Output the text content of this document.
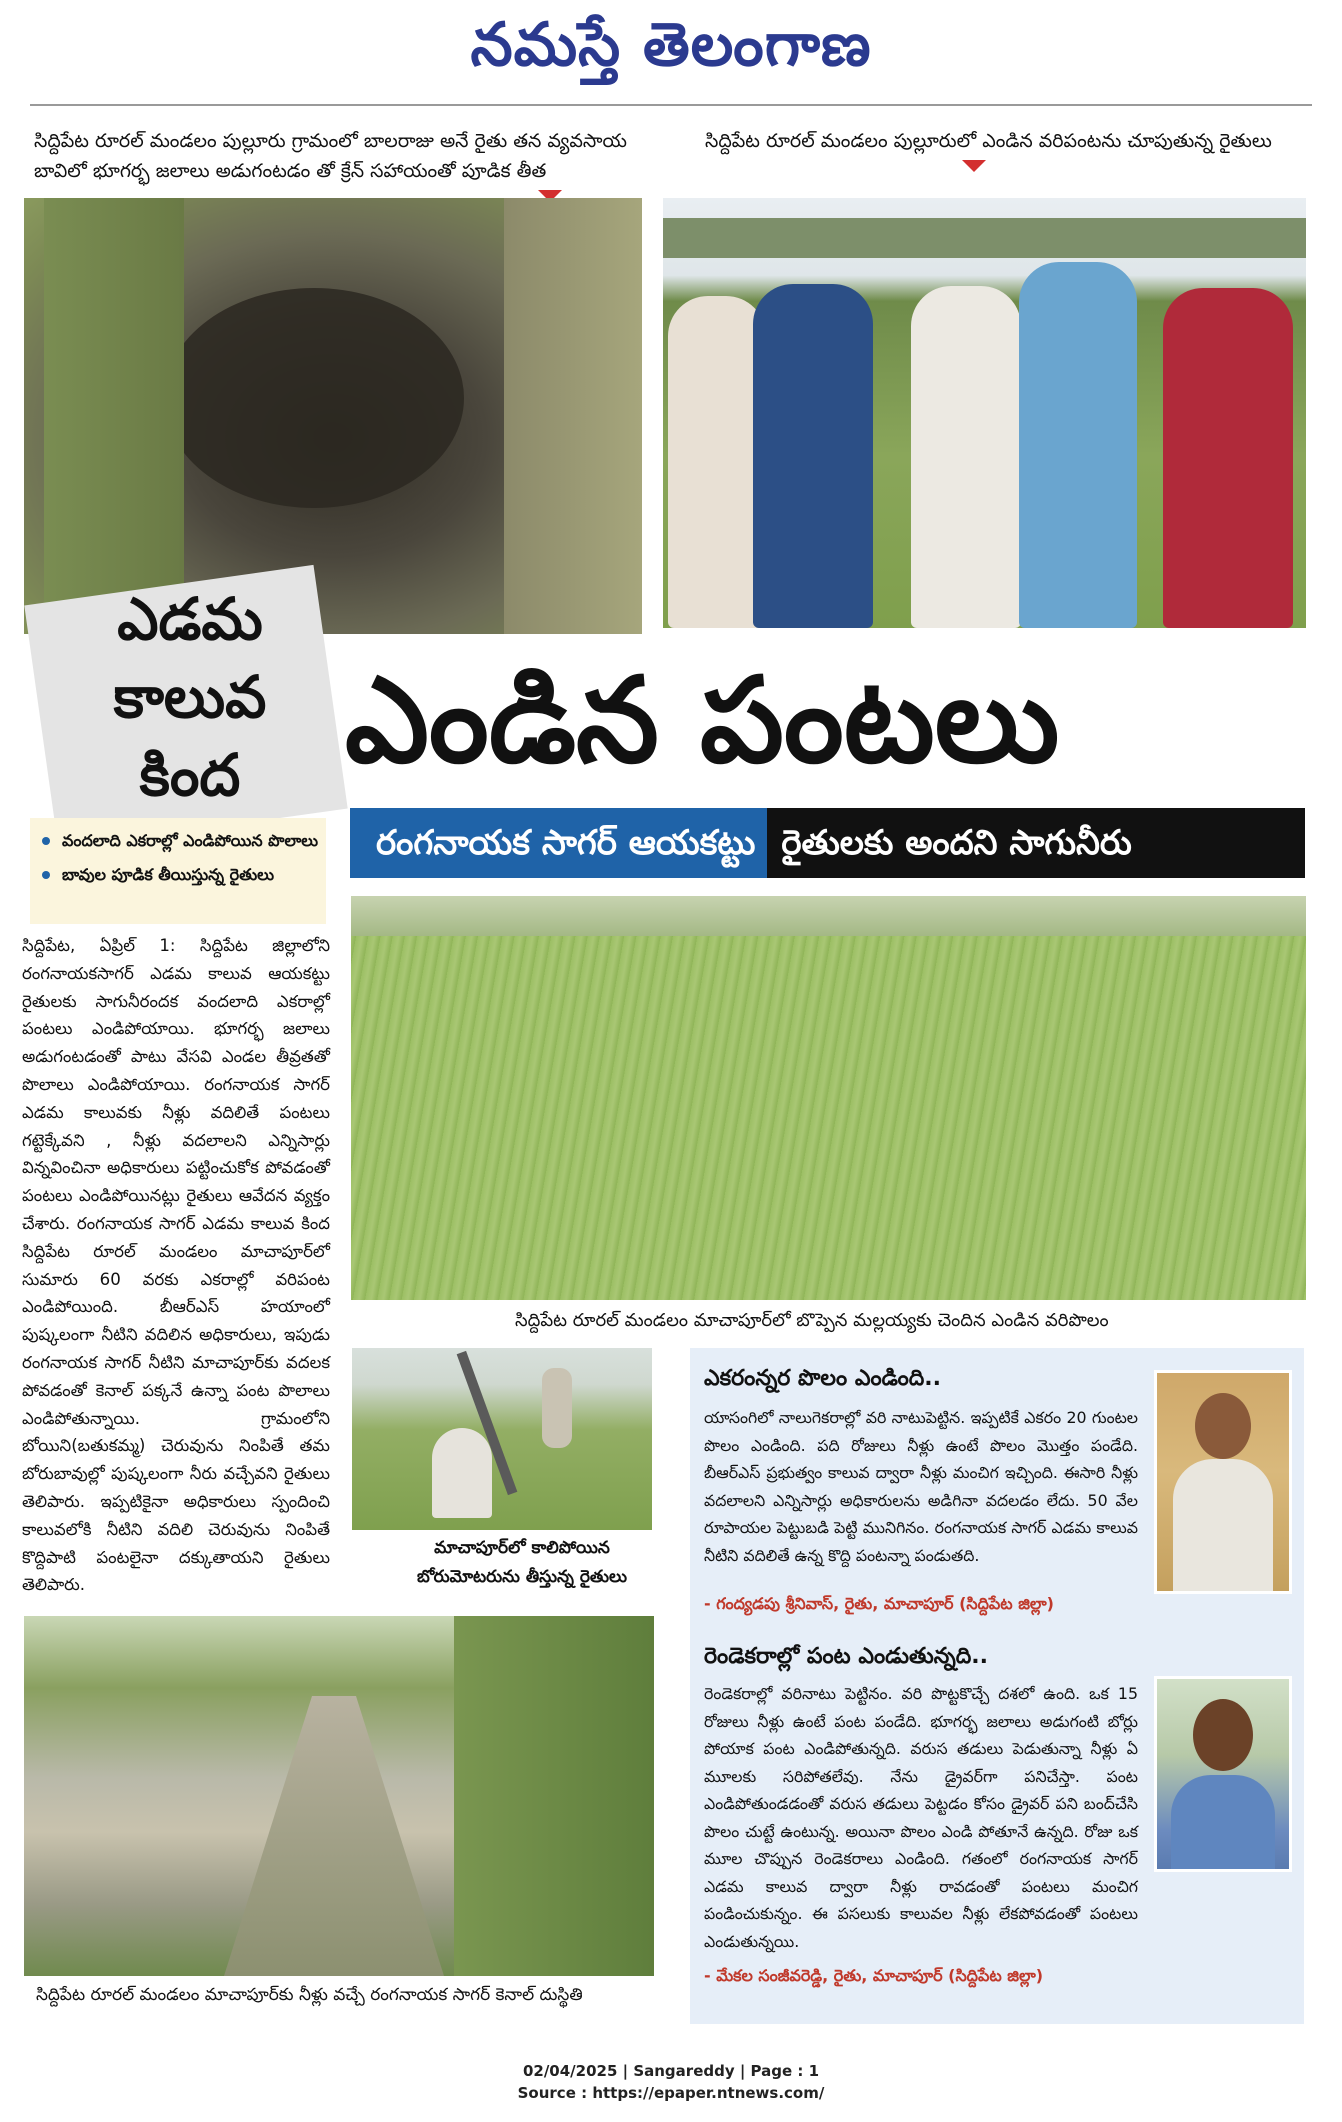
నమస్తే తెలంగాణ
సిద్దిపేట రూరల్ మండలం పుల్లూరు గ్రామంలో బాలరాజు అనే రైతు తన వ్యవసాయ బావిలో భూగర్భ జలాలు అడుగంటడం తో క్రేన్ సహాయంతో పూడిక తీత
సిద్దిపేట రూరల్ మండలం పుల్లూరులో ఎండిన వరిపంటను చూపుతున్న రైతులు
ఎడమ
కాలువ
కింద ఎండిన పంటలు
రంగనాయక సాగర్ ఆయకట్టు రైతులకు అందని సాగునీరు
వందలాది ఎకరాల్లో ఎండిపోయిన పొలాలు
బావుల పూడిక తీయిస్తున్న రైతులు
సిద్దిపేట, ఏప్రిల్ 1: సిద్దిపేట జిల్లాలోని రంగనాయకసాగర్ ఎడమ కాలువ ఆయకట్టు రైతులకు సాగునీరందక వందలాది ఎకరాల్లో పంటలు ఎండిపోయాయి. భూగర్భ జలాలు అడుగంటడంతో పాటు వేసవి ఎండల తీవ్రతతో పొలాలు ఎండిపోయాయి. రంగనాయక సాగర్ ఎడమ కాలువకు నీళ్లు వదిలితే పంటలు గట్టెక్కేవని , నీళ్లు వదలాలని ఎన్నిసార్లు విన్నవించినా అధికారులు పట్టించుకోక పోవడంతో పంటలు ఎండిపోయినట్లు రైతులు ఆవేదన వ్యక్తం చేశారు. రంగనాయక సాగర్ ఎడమ కాలువ కింద సిద్దిపేట రూరల్ మండలం మాచాపూర్‌లో సుమారు 60 వరకు ఎకరాల్లో వరిపంట ఎండిపోయింది. బీఆర్‌ఎస్ హయాంలో పుష్కలంగా నీటిని వదిలిన అధికారులు, ఇపుడు రంగనాయక సాగర్ నీటిని మాచాపూర్‌కు వదలక పోవడంతో కెనాల్ పక్కనే ఉన్నా పంట పొలాలు ఎండిపోతున్నాయి. గ్రామంలోని బోయిని(బతుకమ్మ) చెరువును నింపితే తమ బోరుబావుల్లో పుష్కలంగా నీరు వచ్చేవని రైతులు తెలిపారు. ఇప్పటికైనా అధికారులు స్పందించి కాలువలోకి నీటిని వదిలి చెరువును నింపితే కొద్దిపాటి పంటలైనా దక్కుతాయని రైతులు తెలిపారు.
సిద్దిపేట రూరల్ మండలం మాచాపూర్‌లో బొప్పెన మల్లయ్యకు చెందిన ఎండిన వరిపొలం
మాచాపూర్‌లో కాలిపోయిన బోరుమోటరును తీస్తున్న రైతులు
సిద్దిపేట రూరల్ మండలం మాచాపూర్‌కు నీళ్లు వచ్చే రంగనాయక సాగర్ కెనాల్ దుస్థితి
ఎకరంన్నర పొలం ఎండింది..
యాసంగిలో నాలుగెకరాల్లో వరి నాటుపెట్టిన. ఇప్పటికే ఎకరం 20 గుంటల పొలం ఎండింది. పది రోజులు నీళ్లు ఉంటే పొలం మొత్తం పండేది. బీఆర్‌ఎస్ ప్రభుత్వం కాలువ ద్వారా నీళ్లు మంచిగ ఇచ్చింది. ఈసారి నీళ్లు వదలాలని ఎన్నిసార్లు అధికారులను అడిగినా వదలడం లేదు. 50 వేల రూపాయల పెట్టుబడి పెట్టి మునిగినం. రంగనాయక సాగర్ ఎడమ కాలువ నీటిని వదిలితే ఉన్న కొద్ది పంటన్నా పండుతది.
- గంద్యడపు శ్రీనివాస్, రైతు, మాచాపూర్ (సిద్దిపేట జిల్లా)
రెండెకరాల్లో పంట ఎండుతున్నది..
రెండెకరాల్లో వరినాటు పెట్టినం. వరి పొట్టకొచ్చే దశలో ఉంది. ఒక 15 రోజులు నీళ్లు ఉంటే పంట పండేది. భూగర్భ జలాలు అడుగంటి బోర్లు పోయాక పంట ఎండిపోతున్నది. వరుస తడులు పెడుతున్నా నీళ్లు ఏ మూలకు సరిపోతలేవు. నేను డ్రైవర్‌గా పనిచేస్తా. పంట ఎండిపోతుండడంతో వరుస తడులు పెట్టడం కోసం డ్రైవర్ పని బంద్‌చేసి పొలం చుట్టే ఉంటున్న. అయినా పొలం ఎండి పోతూనే ఉన్నది. రోజు ఒక మూల చొప్పున రెండెకరాలు ఎండింది. గతంలో రంగనాయక సాగర్ ఎడమ కాలువ ద్వారా నీళ్లు రావడంతో పంటలు మంచిగ పండించుకున్నం. ఈ పసలుకు కాలువల నీళ్లు లేకపోవడంతో పంటలు ఎండుతున్నయి.
- మేకల సంజీవరెడ్డి, రైతు, మాచాపూర్ (సిద్దిపేట జిల్లా)
02/04/2025 | Sangareddy | Page : 1
Source : https://epaper.ntnews.com/
